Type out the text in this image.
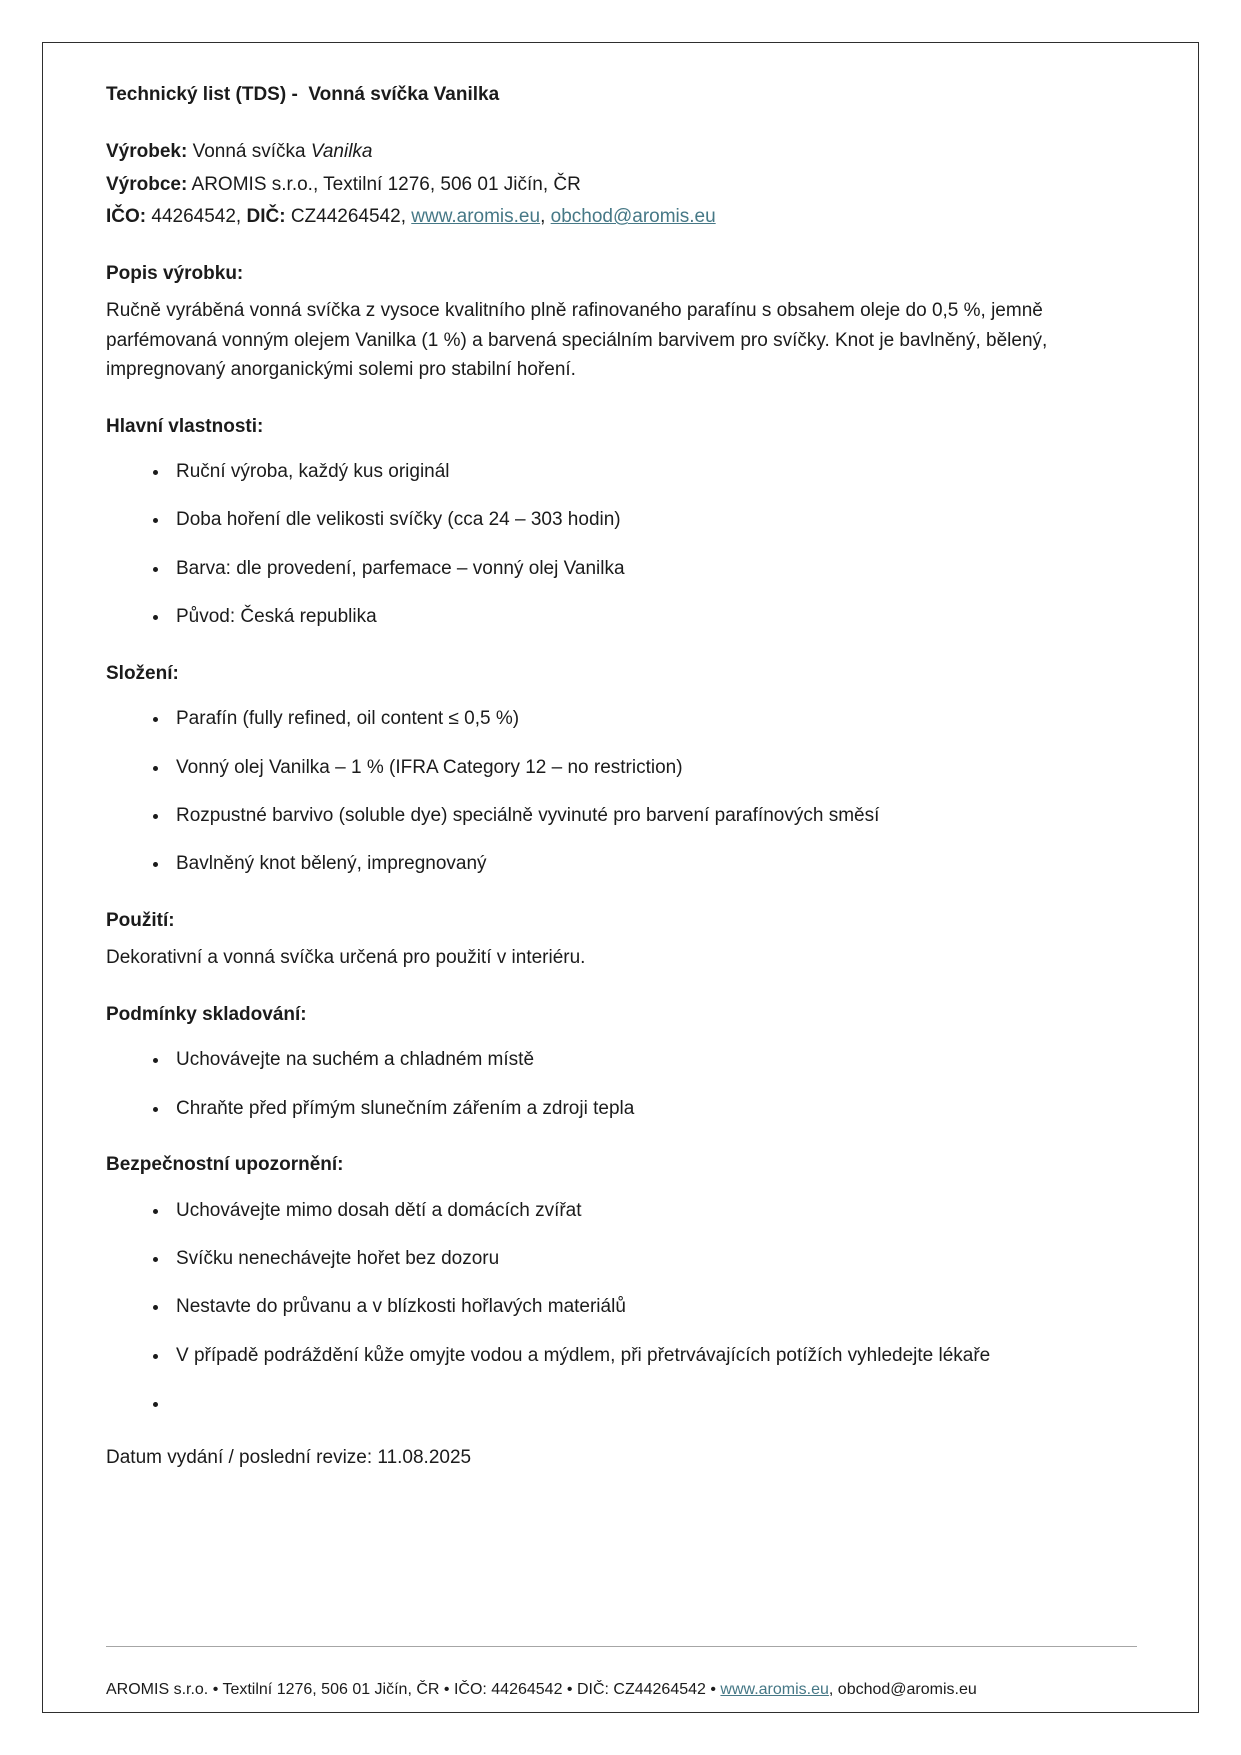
Technický list (TDS) -  Vonná svíčka Vanilka

Výrobek: Vonná svíčka Vanilka

Výrobce: AROMIS s.r.o., Textilní 1276, 506 01 Jičín, ČR

IČO: 44264542, DIČ: CZ44264542, www.aromis.eu, obchod@aromis.eu

Popis výrobku:

Ručně vyráběná vonná svíčka z vysoce kvalitního plně rafinovaného parafínu s obsahem oleje do 0,5 %, jemně parfémovaná vonným olejem Vanilka (1 %) a barvená speciálním barvivem pro svíčky. Knot je bavlněný, bělený, impregnovaný anorganickými solemi pro stabilní hoření.

Hlavní vlastnosti:
• Ruční výroba, každý kus originál
• Doba hoření dle velikosti svíčky (cca 24 – 303 hodin)
• Barva: dle provedení, parfemace – vonný olej Vanilka
• Původ: Česká republika
Složení:
• Parafín (fully refined, oil content ≤ 0,5 %)
• Vonný olej Vanilka – 1 % (IFRA Category 12 – no restriction)
• Rozpustné barvivo (soluble dye) speciálně vyvinuté pro barvení parafínových směsí
• Bavlněný knot bělený, impregnovaný
Použití:

Dekorativní a vonná svíčka určená pro použití v interiéru.

Podmínky skladování:
• Uchovávejte na suchém a chladném místě
• Chraňte před přímým slunečním zářením a zdroji tepla
Bezpečnostní upozornění:
• Uchovávejte mimo dosah dětí a domácích zvířat
• Svíčku nenechávejte hořet bez dozoru
• Nestavte do průvanu a v blízkosti hořlavých materiálů
• V případě podráždění kůže omyjte vodou a mýdlem, při přetrvávajících potížích vyhledejte lékaře
•

Datum vydání / poslední revize: 11.08.2025

AROMIS s.r.o. • Textilní 1276, 506 01 Jičín, ČR • IČO: 44264542 • DIČ: CZ44264542 • www.aromis.eu, obchod@aromis.eu
